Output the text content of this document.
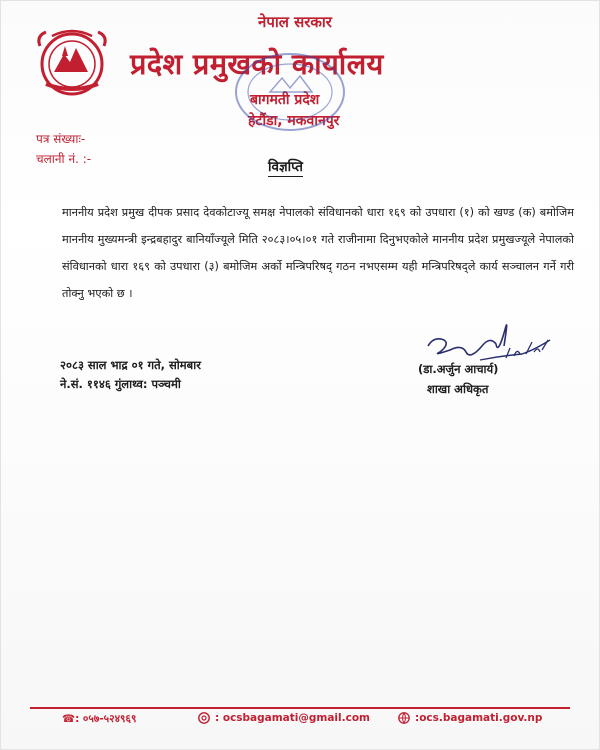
नेपाल सरकार
प्रदेश प्रमुखको कार्यालय
बागमती प्रदेश
हेटौंडा, मकवानपुर
पत्र संख्याः-
चलानी नं. :-	विज्ञप्ति
माननीय प्रदेश प्रमुख दीपक प्रसाद देवकोटाज्यू समक्ष नेपालको संविधानको धारा १६९ को उपधारा (१) को खण्ड (क) बमोजिम माननीय मुख्यमन्त्री इन्द्रबहादुर बानियाँज्यूले मिति २०८३।०५।०१ गते राजीनामा दिनुभएकोले माननीय प्रदेश प्रमुखज्यूले नेपालको संविधानको धारा १६९ को उपधारा (३) बमोजिम अर्को मन्त्रिपरिषद् गठन नभएसम्म यही मन्त्रिपरिषद्ले कार्य सञ्चालन गर्ने गरी तोक्नु भएको छ ।
(डा.अर्जुन आचार्य)
शाखा अधिकृत
२०८३ साल भाद्र ०१ गते, सोमबार
ने.सं. ११४६ गुंलाथ्व: पञ्चमी
☎: ०५७-५२४९६९	: ocsbagamati@gmail.com	:ocs.bagamati.gov.np
